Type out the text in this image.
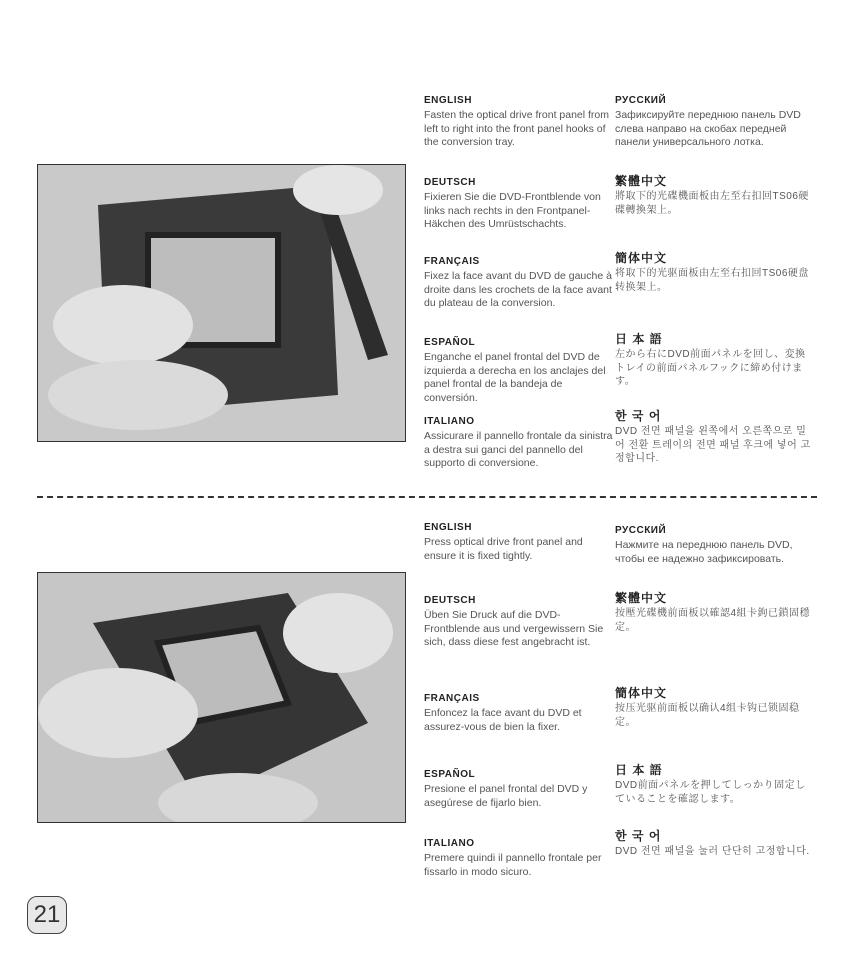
ENGLISH

Fasten the optical drive front panel from left to right into the front panel hooks of the conversion tray.

DEUTSCH

Fixieren Sie die DVD-Frontblende von links nach rechts in den Frontpanel-Häkchen des Umrüstschachts.

FRANÇAIS

Fixez la face avant du DVD de gauche à droite dans les crochets de la face avant du plateau de la conversion.

ESPAÑOL

Enganche el panel frontal del DVD de izquierda a derecha en los anclajes del panel frontal de la bandeja de conversión.

ITALIANO

Assicurare il pannello frontale da sinistra a destra sui ganci del pannello del supporto di conversione.

РУССКИЙ

Зафиксируйте переднюю панель DVD слева направо на скобах передней панели универсального лотка.

繁體中文

將取下的光碟機面板由左至右扣回TS06硬碟轉換架上。

簡体中文

将取下的光驱面板由左至右扣回TS06硬盘转换架上。

日 本 語

左から右にDVD前面パネルを回し、変換トレイの前面パネルフックに締め付けます。

한 국 어

DVD 전면 패널을 왼쪽에서 오른쪽으로 밀어 전환 트레이의 전면 패널 후크에 넣어 고정합니다.

ENGLISH

Press optical drive front panel and ensure it is fixed tightly.

DEUTSCH

Üben Sie Druck auf die DVD-Frontblende aus und vergewissern Sie sich, dass diese fest angebracht ist.

FRANÇAIS

Enfoncez la face avant du DVD et assurez-vous de bien la fixer.

ESPAÑOL

Presione el panel frontal del DVD y asegúrese de fijarlo bien.

ITALIANO

Premere quindi il pannello frontale per fissarlo in modo sicuro.

РУССКИЙ

Нажмите на переднюю панель DVD, чтобы ее надежно зафиксировать.

繁體中文

按壓光碟機前面板以確認4組卡鉤已鎖固穩定。

簡体中文

按压光驱前面板以确认4组卡钩已锁固稳定。

日 本 語

DVD前面パネルを押してしっかり固定していることを確認します。

한 국 어

DVD 전면 패널을 눌러 단단히 고정합니다.

21
